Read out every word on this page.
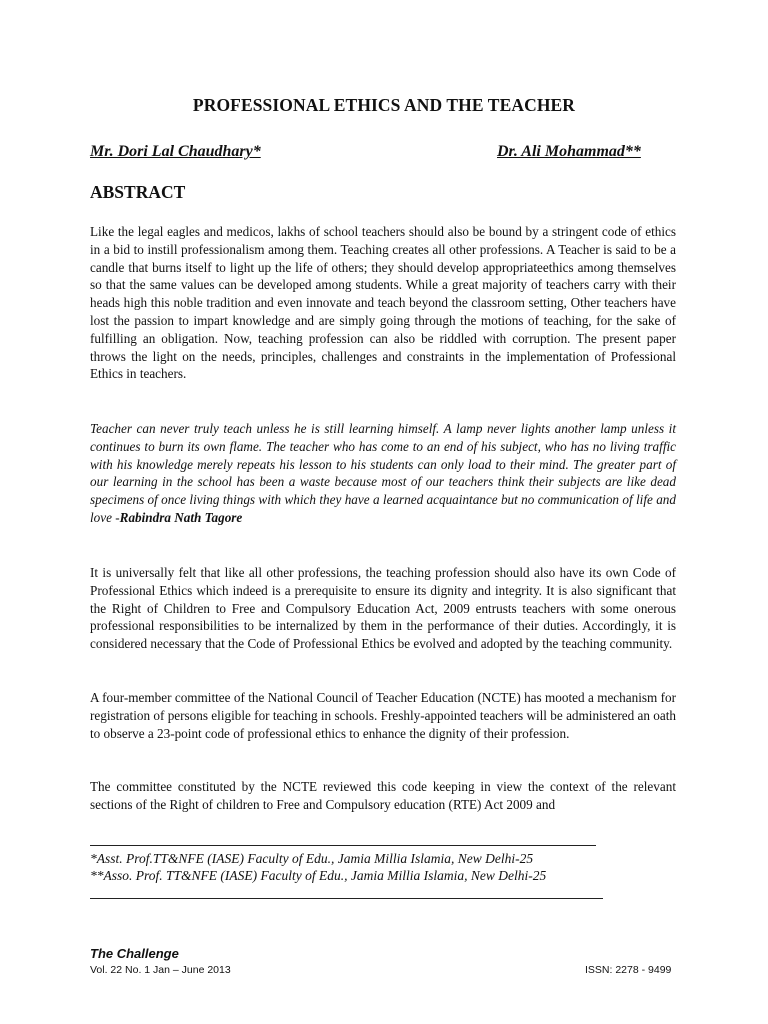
PROFESSIONAL ETHICS AND THE TEACHER
Mr. Dori Lal Chaudhary*	Dr. Ali Mohammad**
ABSTRACT
Like the legal eagles and medicos, lakhs of school teachers should also be bound by a stringent code of ethics in a bid to instill professionalism among them. Teaching creates all other professions. A Teacher is said to be a candle that burns itself to light up the life of others; they should develop appropriateethics among themselves so that the same values can be developed among students. While a great majority of teachers carry with their heads high this noble tradition and even innovate and teach beyond the classroom setting, Other teachers have lost the passion to impart knowledge and are simply going through the motions of teaching, for the sake of fulfilling an obligation. Now, teaching profession can also be riddled with corruption. The present paper throws the light on the needs, principles, challenges and constraints in the implementation of Professional Ethics in teachers.
Teacher can never truly teach unless he is still learning himself. A lamp never lights another lamp unless it continues to burn its own flame. The teacher who has come to an end of his subject, who has no living traffic with his knowledge merely repeats his lesson to his students can only load to their mind. The greater part of our learning in the school has been a waste because most of our teachers think their subjects are like dead specimens of once living things with which they have a learned acquaintance but no communication of life and love -Rabindra Nath Tagore
It is universally felt that like all other professions, the teaching profession should also have its own Code of Professional Ethics which indeed is a prerequisite to ensure its dignity and integrity. It is also significant that the Right of Children to Free and Compulsory Education Act, 2009 entrusts teachers with some onerous professional responsibilities to be internalized by them in the performance of their duties. Accordingly, it is considered necessary that the Code of Professional Ethics be evolved and adopted by the teaching community.
A four-member committee of the National Council of Teacher Education (NCTE) has mooted a mechanism for registration of persons eligible for teaching in schools. Freshly-appointed teachers will be administered an oath to observe a 23-point code of professional ethics to enhance the dignity of their profession.
The committee constituted by the NCTE reviewed this code keeping in view the context of the relevant sections of the Right of children to Free and Compulsory education (RTE) Act 2009 and
*Asst. Prof.TT&NFE (IASE) Faculty of Edu., Jamia Millia Islamia, New Delhi-25
**Asso. Prof. TT&NFE (IASE) Faculty of Edu., Jamia Millia Islamia, New Delhi-25
The Challenge
Vol. 22 No. 1 Jan – June 2013	ISSN: 2278 - 9499
